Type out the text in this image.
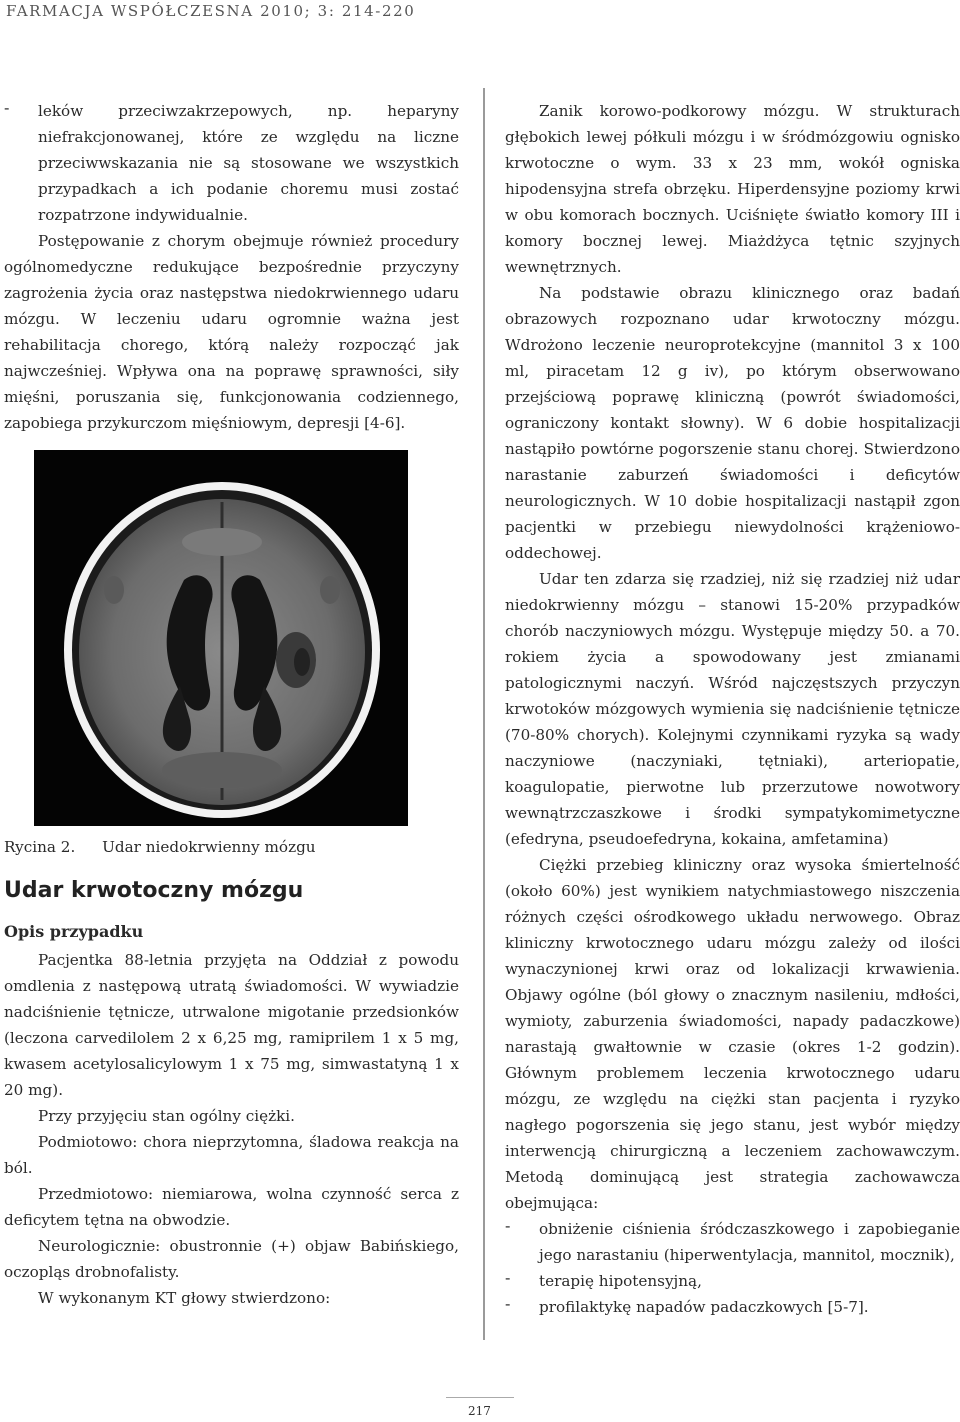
FARMACJA WSPÓŁCZESNA 2010; 3: 214-220
-	leków przeciwzakrzepowych, np. heparyny niefrakcjonowanej, które ze względu na liczne przeciwwskazania nie są stosowane we wszystkich przypadkach a ich podanie choremu musi zostać rozpatrzone indywidualnie.

Postępowanie z chorym obejmuje również procedury ogólnomedyczne redukujące bezpośrednie przyczyny zagrożenia życia oraz następstwa niedokrwiennego udaru mózgu. W leczeniu udaru ogromnie ważna jest rehabilitacja chorego, którą należy rozpocząć jak najwcześniej. Wpływa ona na poprawę sprawności, siły mięśni, poruszania się, funkcjonowania codziennego, zapobiega przykurczom mięśniowym, depresji [4-6].

Rycina 2. Udar niedokrwienny mózgu
Udar krwotoczny mózgu
Opis przypadku

Pacjentka 88-letnia przyjęta na Oddział z powodu omdlenia z następową utratą świadomości. W wywiadzie nadciśnienie tętnicze, utrwalone migotanie przedsionków (leczona carvedilolem 2 x 6,25 mg, ramiprilem 1 x 5 mg, kwasem acetylosalicylowym 1 x 75 mg, simwastatyną 1 x 20 mg).

Przy przyjęciu stan ogólny ciężki.

Podmiotowo: chora nieprzytomna, śladowa reakcja na ból.

Przedmiotowo: niemiarowa, wolna czynność serca z deficytem tętna na obwodzie.

Neurologicznie: obustronnie (+) objaw Babińskiego, oczopląs drobnofalisty.

W wykonanym KT głowy stwierdzono:

Zanik korowo-podkorowy mózgu. W strukturach głębokich lewej półkuli mózgu i w śródmózgowiu ognisko krwotoczne o wym. 33 x 23 mm, wokół ogniska hipodensyjna strefa obrzęku. Hiperdensyjne poziomy krwi w obu komorach bocznych. Uciśnięte światło komory III i komory bocznej lewej. Miażdżyca tętnic szyjnych wewnętrznych.

Na podstawie obrazu klinicznego oraz badań obrazowych rozpoznano udar krwotoczny mózgu. Wdrożono leczenie neuroprotekcyjne (mannitol 3 x 100 ml, piracetam 12 g iv), po którym obserwowano przejściową poprawę kliniczną (powrót świadomości, ograniczony kontakt słowny). W 6 dobie hospitalizacji nastąpiło powtórne pogorszenie stanu chorej. Stwierdzono narastanie zaburzeń świadomości i deficytów neurologicznych. W 10 dobie hospitalizacji nastąpił zgon pacjentki w przebiegu niewydolności krążeniowo-oddechowej.

Udar ten zdarza się rzadziej, niż się rzadziej niż udar niedokrwienny mózgu – stanowi 15-20% przypadków chorób naczyniowych mózgu. Występuje między 50. a 70. rokiem życia a spowodowany jest zmianami patologicznymi naczyń. Wśród najczęstszych przyczyn krwotoków mózgowych wymienia się nadciśnienie tętnicze (70-80% chorych). Kolejnymi czynnikami ryzyka są wady naczyniowe (naczyniaki, tętniaki), arteriopatie, koagulopatie, pierwotne lub przerzutowe nowotwory wewnątrzczaszkowe i środki sympatykomimetyczne (efedryna, pseudoefedryna, kokaina, amfetamina)

Ciężki przebieg kliniczny oraz wysoka śmiertelność (około 60%) jest wynikiem natychmiastowego niszczenia różnych części ośrodkowego układu nerwowego. Obraz kliniczny krwotocznego udaru mózgu zależy od ilości wynaczynionej krwi oraz od lokalizacji krwawienia. Objawy ogólne (ból głowy o znacznym nasileniu, mdłości, wymioty, zaburzenia świadomości, napady padaczkowe) narastają gwałtownie w czasie (okres 1-2 godzin). Głównym problemem leczenia krwotocznego udaru mózgu, ze względu na ciężki stan pacjenta i ryzyko nagłego pogorszenia się jego stanu, jest wybór między interwencją chirurgiczną a leczeniem zachowawczym. Metodą dominującą jest strategia zachowawcza obejmująca:

-	obniżenie ciśnienia śródczaszkowego i zapobieganie jego narastaniu (hiperwentylacja, mannitol, mocznik),

-	terapię hipotensyjną,

-	profilaktykę napadów padaczkowych [5-7].

217
